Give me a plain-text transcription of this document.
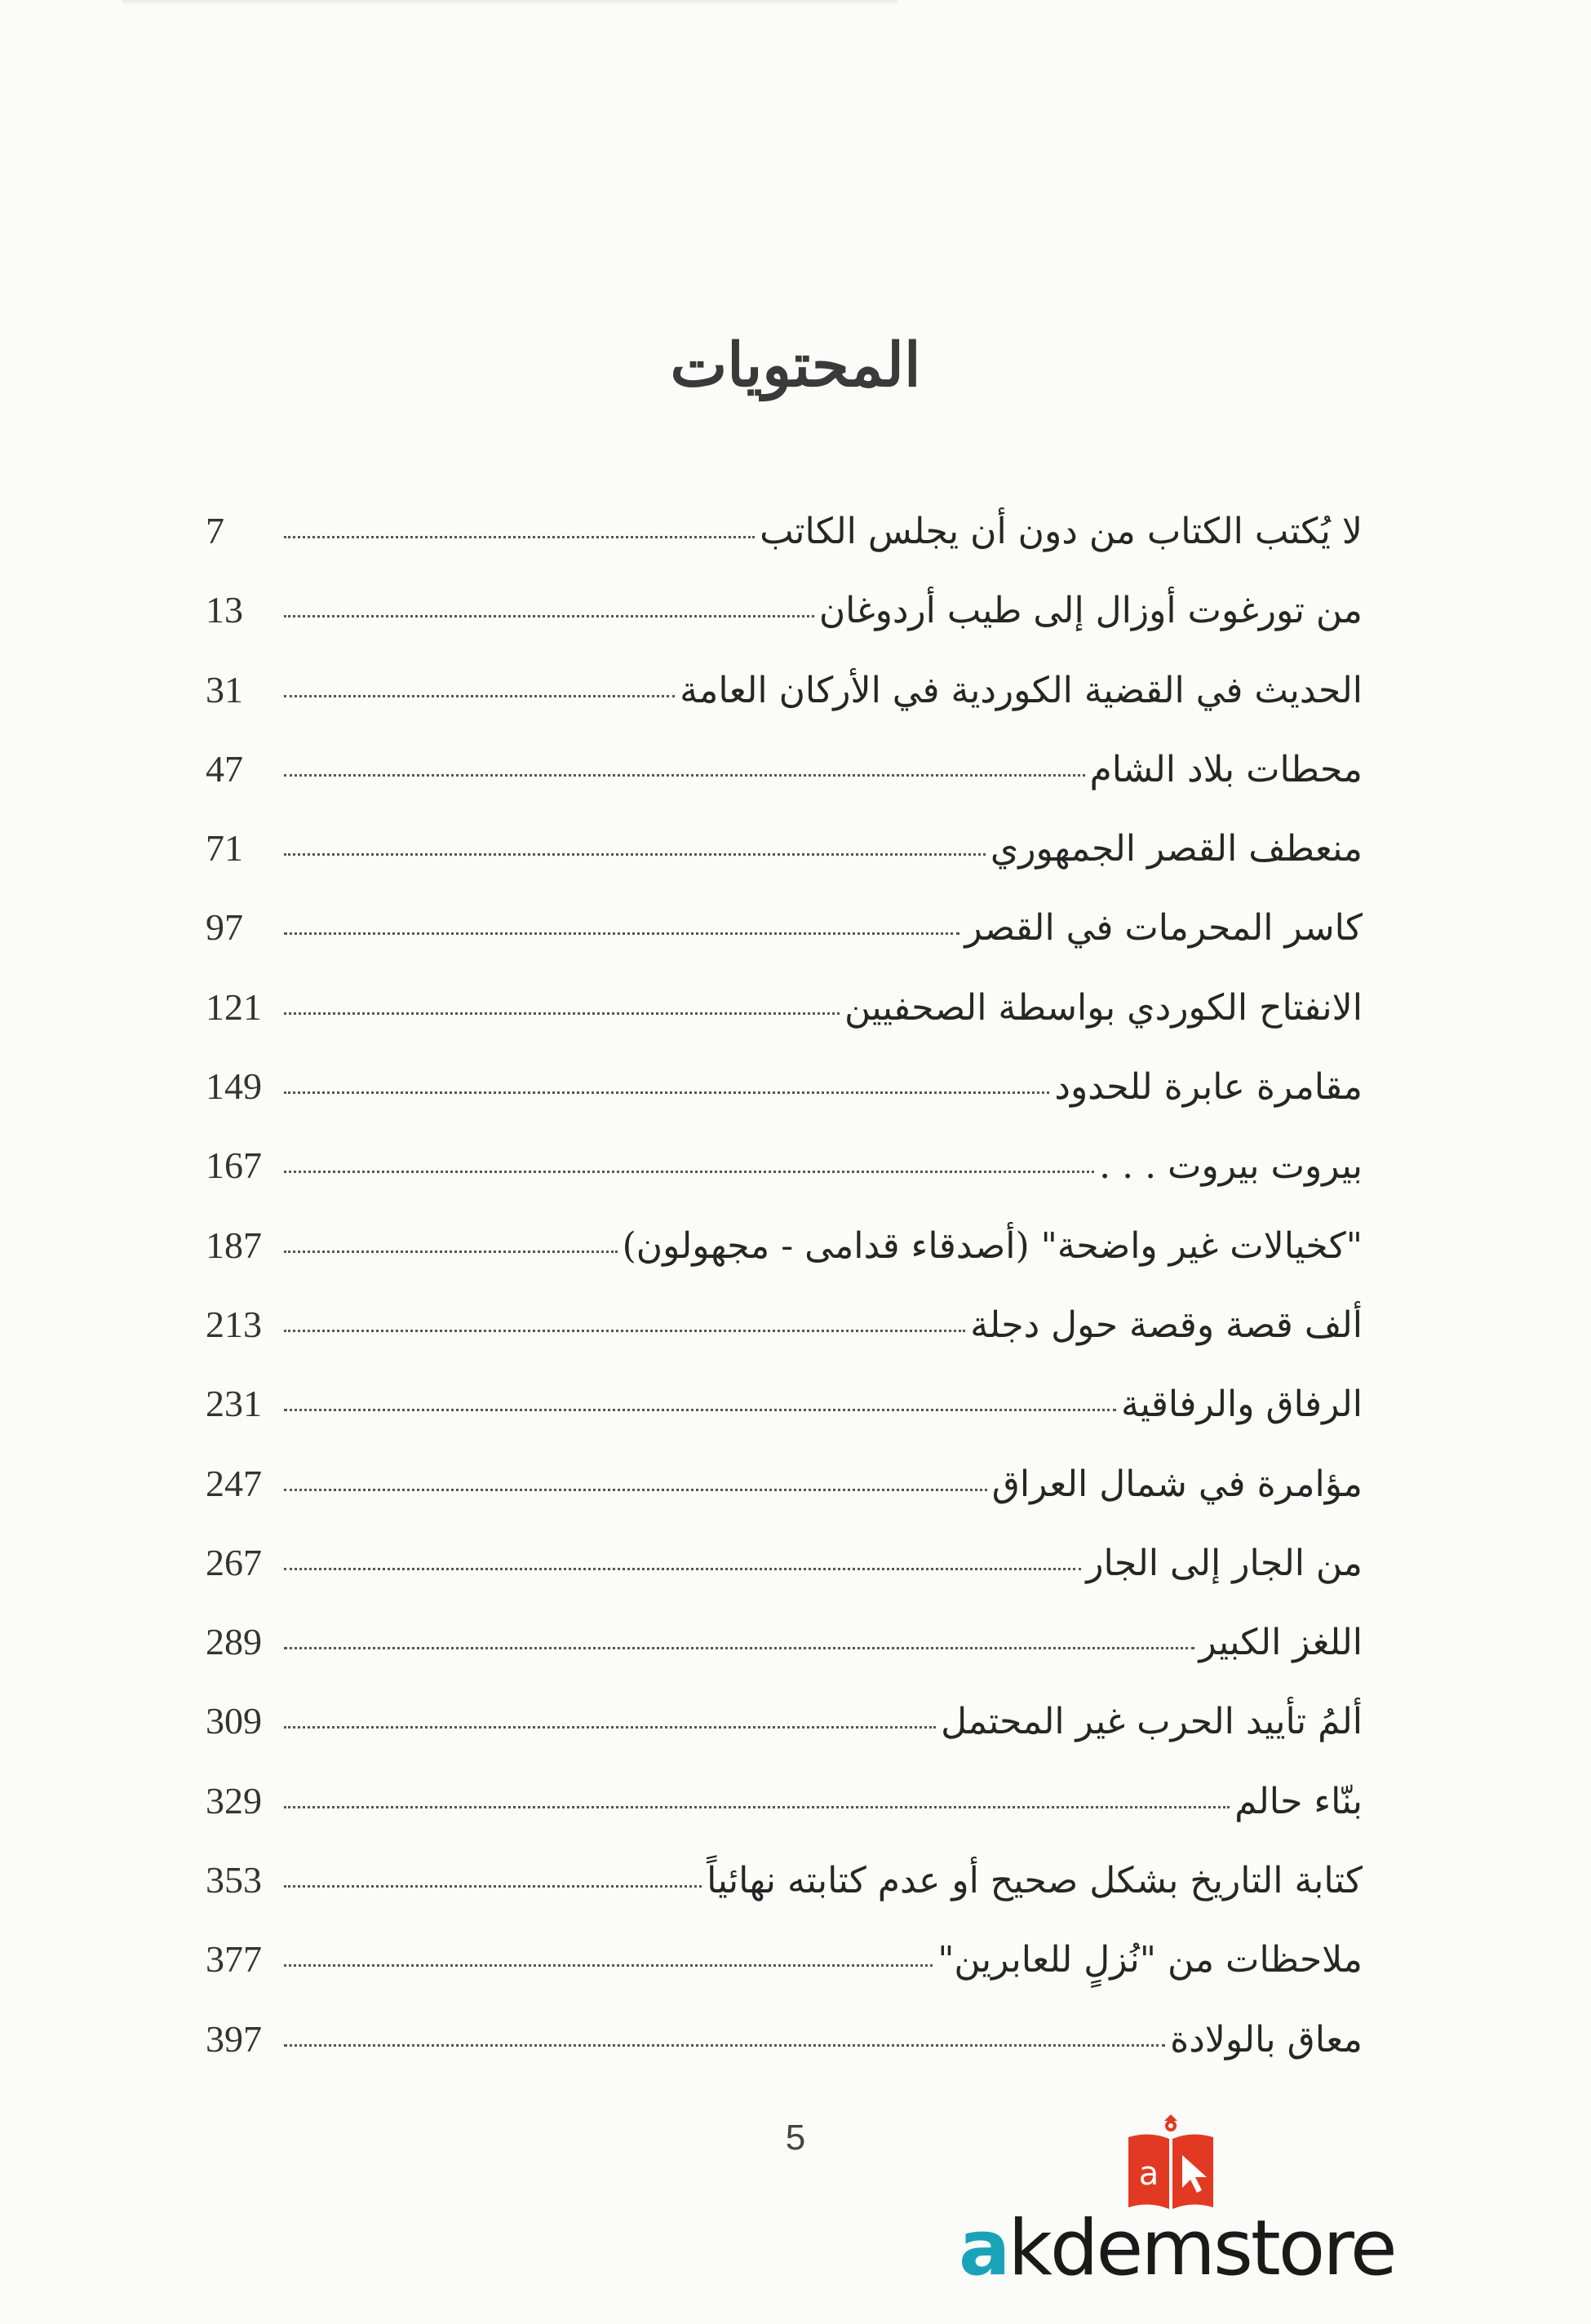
المحتويات
لا يُكتب الكتاب من دون أن يجلس الكاتب
7
من تورغوت أوزال إلى طيب أردوغان
13
الحديث في القضية الكوردية في الأركان العامة
31
محطات بلاد الشام
47
منعطف القصر الجمهوري
71
كاسر المحرمات في القصر
97
الانفتاح الكوردي بواسطة الصحفيين
121
مقامرة عابرة للحدود
149
بيروت بيروت . . .
167
"كخيالات غير واضحة" (أصدقاء قدامى - مجهولون)
187
ألف قصة وقصة حول دجلة
213
الرفاق والرفاقية
231
مؤامرة في شمال العراق
247
من الجار إلى الجار
267
اللغز الكبير
289
ألمُ تأييد الحرب غير المحتمل
309
بنّاء حالم
329
كتابة التاريخ بشكل صحيح أو عدم كتابته نهائياً
353
ملاحظات من "نُزلٍ للعابرين"
377
معاق بالولادة
397
5
a
akdemstore
